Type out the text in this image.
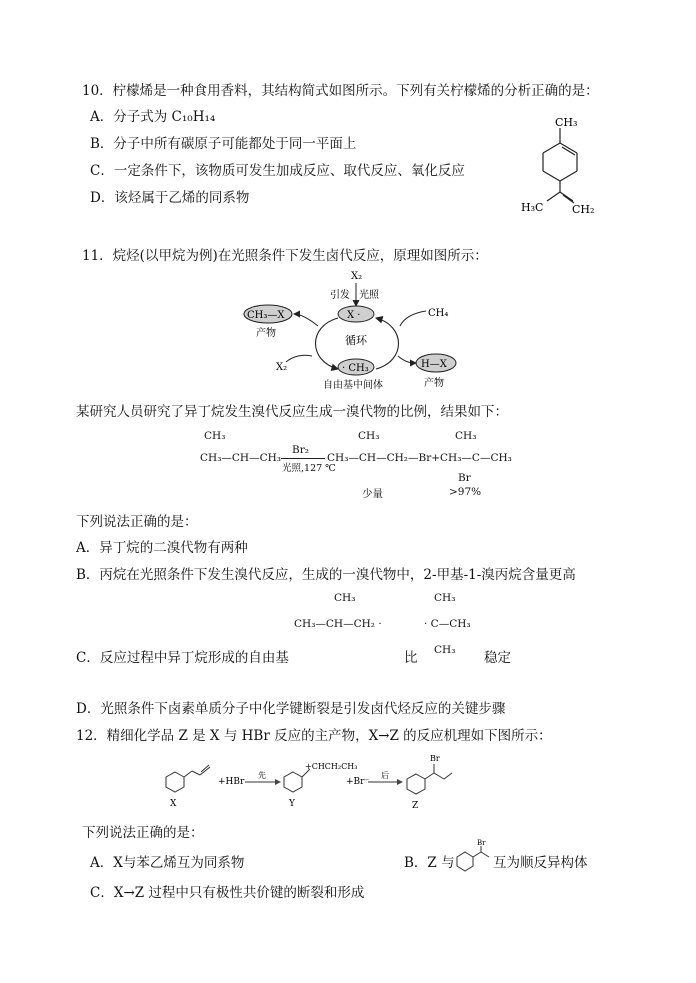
10．柠檬烯是一种食用香料，其结构简式如图所示。下列有关柠檬烯的分析正确的是：
A．分子式为 C₁₀H₁₄
B．分子中所有碳原子可能都处于同一平面上
C．一定条件下，该物质可发生加成反应、取代反应、氧化反应
D．该烃属于乙烯的同系物
CH₃
H₃C	CH₂
11．烷烃(以甲烷为例)在光照条件下发生卤代反应，原理如图所示：
X₂
引发 光照
X ·
循环
CH₃—X
产物
X₂
CH₄
· CH₃
自由基中间体
H—X
产物
某研究人员研究了异丁烷发生溴代反应生成一溴代物的比例，结果如下：
CH₃
CH₃—CH—CH₃
Br₂
光照,127 ℃
CH₃
CH₃—CH—CH₂—Br+CH₃—C—CH₃
CH₃
Br
少量	>97%
下列说法正确的是：
A．异丁烷的二溴代物有两种
B．丙烷在光照条件下发生溴代反应，生成的一溴代物中，2-甲基-1-溴丙烷含量更高
CH₃
CH₃—CH—CH₂ ·
CH₃
· C—CH₃
CH₃
C．反应过程中异丁烷形成的自由基	比	稳定
D．光照条件下卤素单质分子中化学键断裂是引发卤代烃反应的关键步骤
12．精细化学品 Z 是 X 与 HBr 反应的主产物，X→Z 的反应机理如下图所示：
X
+HBr
先
+CHCH₂CH₃
Y
+Br⁻
后
Br
Z
下列说法正确的是：
A．X与苯乙烯互为同系物	B．Z 与
Br
互为顺反异构体
C．X→Z 过程中只有极性共价键的断裂和形成
